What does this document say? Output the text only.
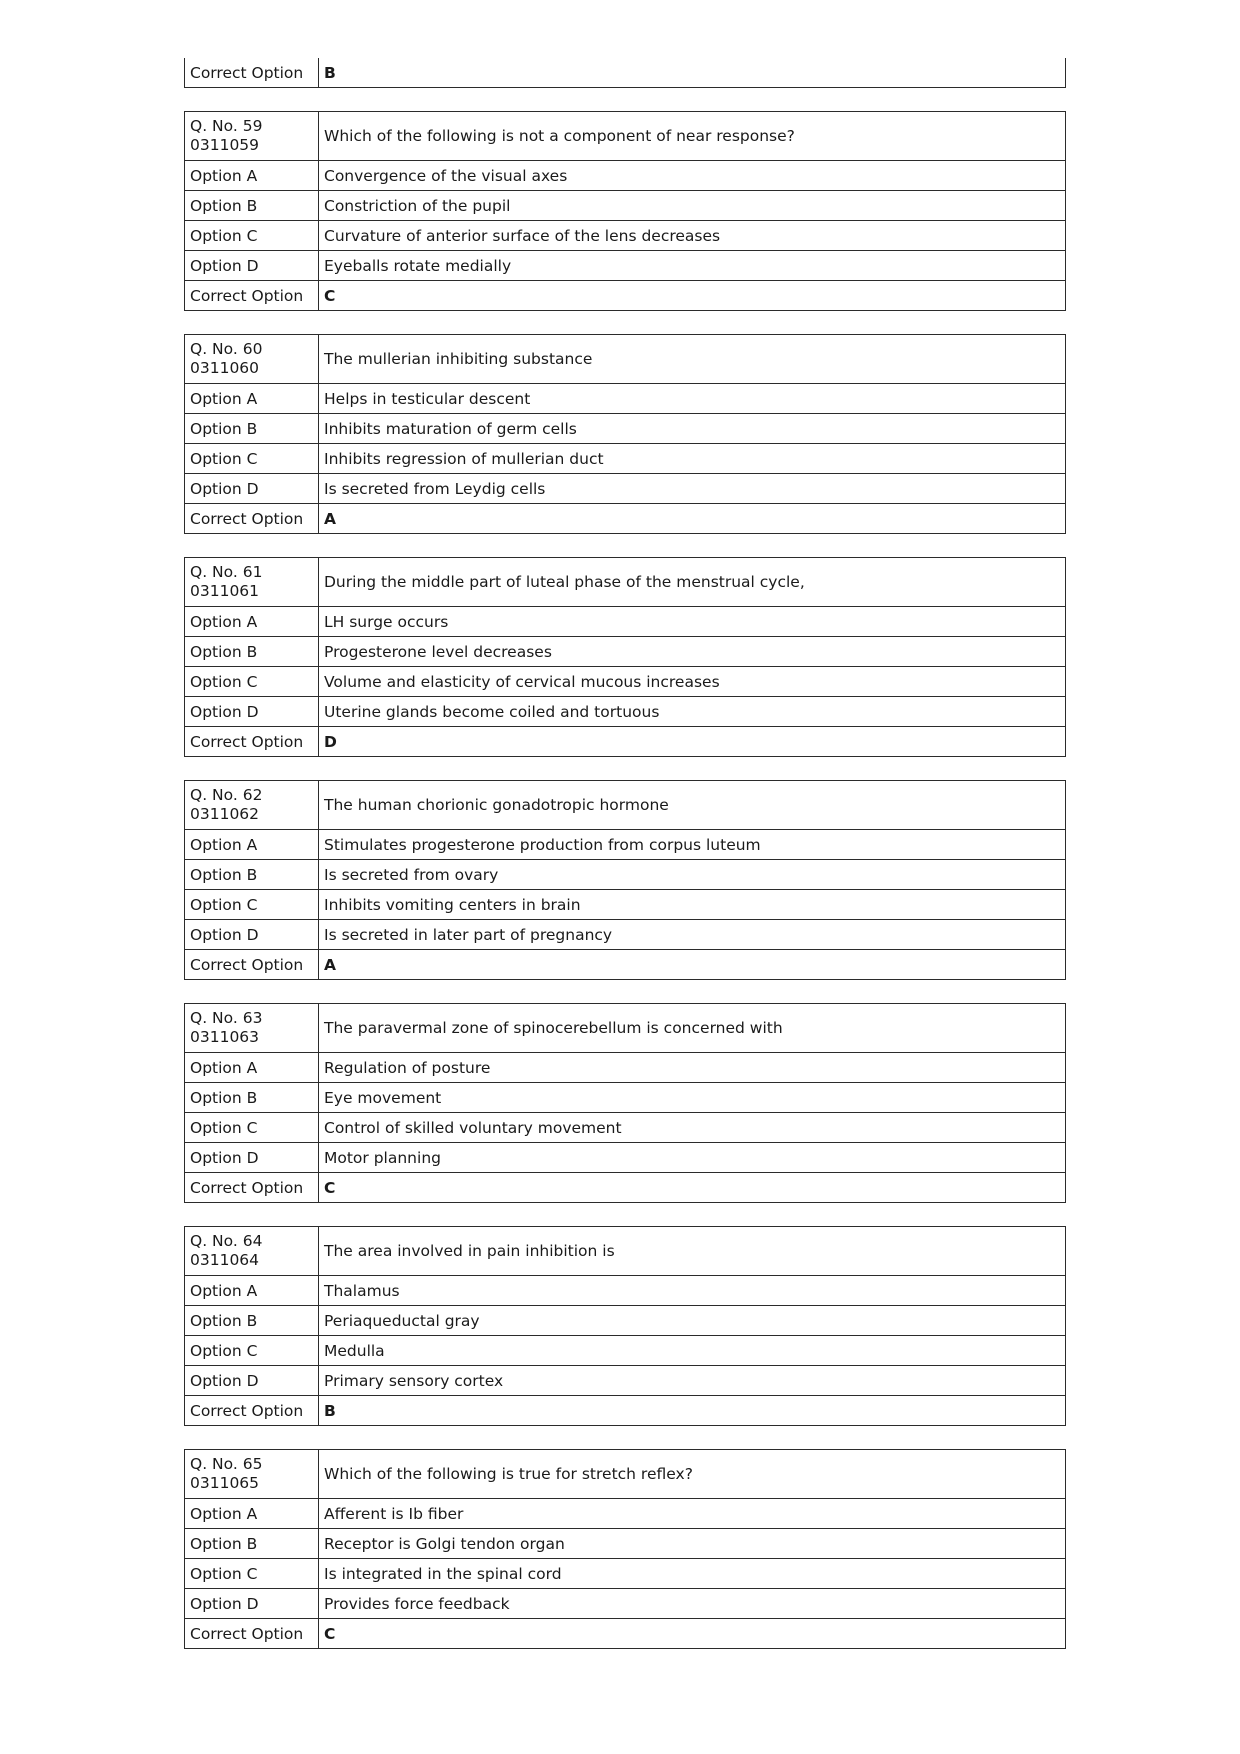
Correct Option	B
Q. No. 59
0311059	Which of the following is not a component of near response?
Option A	Convergence of the visual axes
Option B	Constriction of the pupil
Option C	Curvature of anterior surface of the lens decreases
Option D	Eyeballs rotate medially
Correct Option	C
Q. No. 60
0311060	The mullerian inhibiting substance
Option A	Helps in testicular descent
Option B	Inhibits maturation of germ cells
Option C	Inhibits regression of mullerian duct
Option D	Is secreted from Leydig cells
Correct Option	A
Q. No. 61
0311061	During the middle part of luteal phase of the menstrual cycle,
Option A	LH surge occurs
Option B	Progesterone level decreases
Option C	Volume and elasticity of cervical mucous increases
Option D	Uterine glands become coiled and tortuous
Correct Option	D
Q. No. 62
0311062	The human chorionic gonadotropic hormone
Option A	Stimulates progesterone production from corpus luteum
Option B	Is secreted from ovary
Option C	Inhibits vomiting centers in brain
Option D	Is secreted in later part of pregnancy
Correct Option	A
Q. No. 63
0311063	The paravermal zone of spinocerebellum is concerned with
Option A	Regulation of posture
Option B	Eye movement
Option C	Control of skilled voluntary movement
Option D	Motor planning
Correct Option	C
Q. No. 64
0311064	The area involved in pain inhibition is
Option A	Thalamus
Option B	Periaqueductal gray
Option C	Medulla
Option D	Primary sensory cortex
Correct Option	B
Q. No. 65
0311065	Which of the following is true for stretch reflex?
Option A	Afferent is Ib fiber
Option B	Receptor is Golgi tendon organ
Option C	Is integrated in the spinal cord
Option D	Provides force feedback
Correct Option	C
